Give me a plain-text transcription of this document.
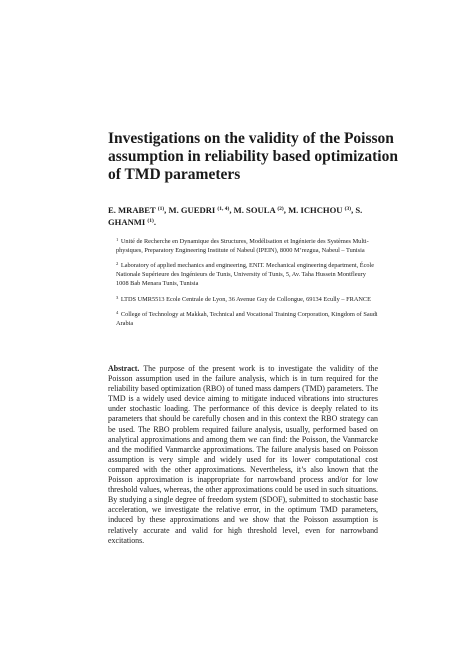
Investigations on the validity of the Poisson assumption in reliability based optimization of TMD parameters

E. MRABET $^{(1)}$, M. GUEDRI $^{(1, 4)}$, M. SOULA $^{(2)}$, M. ICHCHOU $^{(3)}$, S. GHANMI $^{(1)}$.

$^1$ Unité de Recherche en Dynamique des Structures, Modélisation et Ingénierie des Systèmes Multi-physiques, Preparatory Engineering Institute of Nabeul (IPEIN), 8000 M’rezgua, Nabeul – Tunisia
$^2$ Laboratory of applied mechanics and engineering, ENIT. Mechanical engineering department, École Nationale Supérieure des Ingénieurs de Tunis, University of Tunis, 5, Av. Taha Hussein Montfleury 1008 Bab Menara Tunis, Tunisia
$^3$ LTDS UMR5513 Ecole Centrale de Lyon, 36 Avenue Guy de Collongue, 69134 Ecully – FRANCE
$^4$ College of Technology at Makkah, Technical and Vocational Training Corporation, Kingdom of Saudi Arabia

Abstract. The purpose of the present work is to investigate the validity of the Poisson assumption used in the failure analysis, which is in turn required for the reliability based optimization (RBO) of tuned mass dampers (TMD) parameters. The TMD is a widely used device aiming to mitigate induced vibrations into structures under stochastic loading. The performance of this device is deeply related to its parameters that should be carefully chosen and in this context the RBO strategy can be used. The RBO problem required failure analysis, usually, performed based on analytical approximations and among them we can find: the Poisson, the Vanmarcke and the modified Vanmarcke approximations. The failure analysis based on Poisson assumption is very simple and widely used for its lower computational cost compared with the other approximations. Nevertheless, it’s also known that the Poisson approximation is inappropriate for narrowband process and/or for low threshold values, whereas, the other approximations could be used in such situations. By studying a single degree of freedom system (SDOF), submitted to stochastic base acceleration, we investigate the relative error, in the optimum TMD parameters, induced by these approximations and we show that the Poisson assumption is relatively accurate and valid for high threshold level, even for narrowband excitations.
